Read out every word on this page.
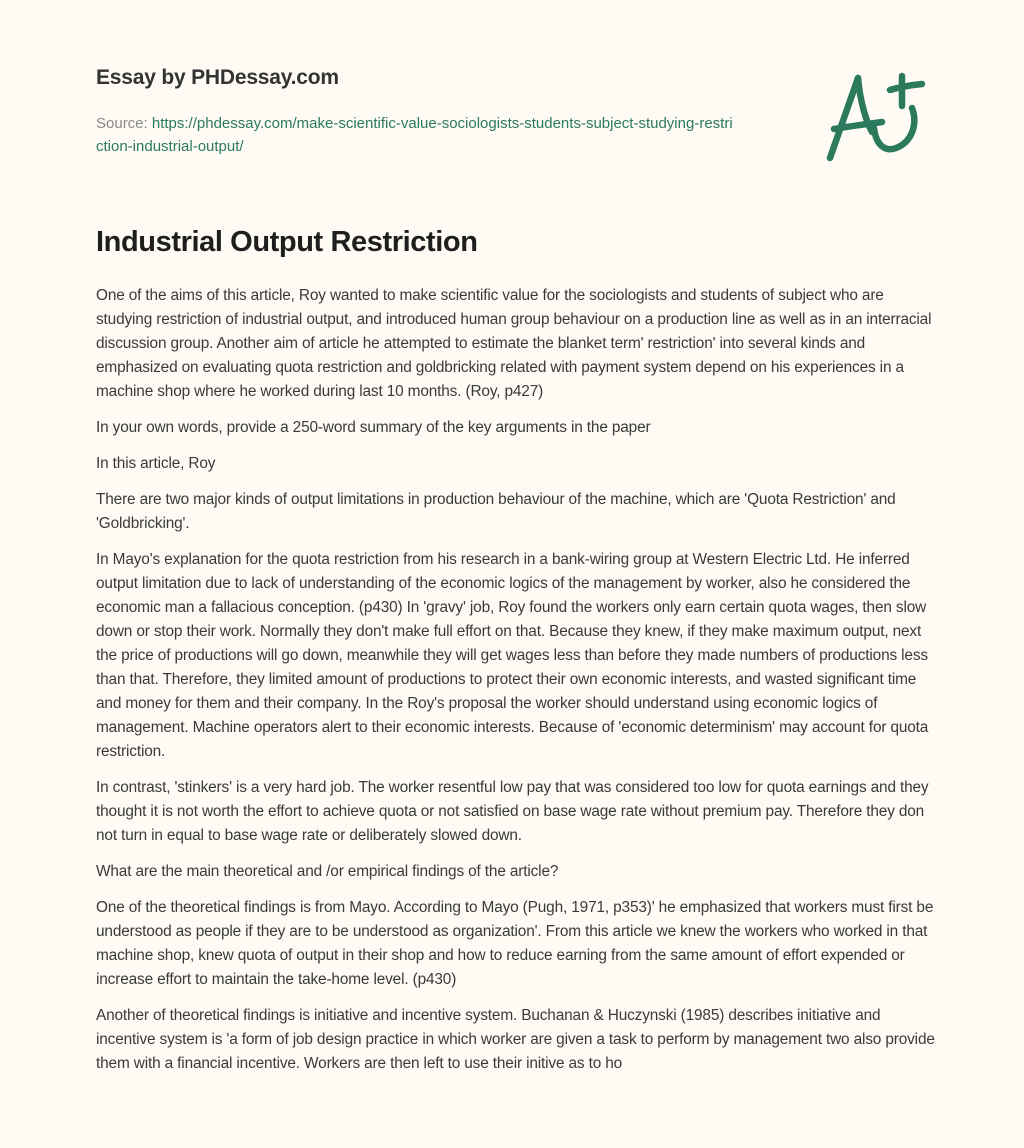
Essay by PHDessay.com
Source: https://phdessay.com/make-scientific-value-sociologists-students-subject-studying-restriction-industrial-output/
Industrial Output Restriction

One of the aims of this article, Roy wanted to make scientific value for the sociologists and students of subject who are studying restriction of industrial output, and introduced human group behaviour on a production line as well as in an interracial discussion group. Another aim of article he attempted to estimate the blanket term' restriction' into several kinds and emphasized on evaluating quota restriction and goldbricking related with payment system depend on his experiences in a machine shop where he worked during last 10 months. (Roy, p427)

In your own words, provide a 250-word summary of the key arguments in the paper

In this article, Roy

There are two major kinds of output limitations in production behaviour of the machine, which are 'Quota Restriction' and 'Goldbricking'.

In Mayo's explanation for the quota restriction from his research in a bank-wiring group at Western Electric Ltd. He inferred output limitation due to lack of understanding of the economic logics of the management by worker, also he considered the economic man a fallacious conception. (p430) In 'gravy' job, Roy found the workers only earn certain quota wages, then slow down or stop their work. Normally they don't make full effort on that. Because they knew, if they make maximum output, next the price of productions will go down, meanwhile they will get wages less than before they made numbers of productions less than that. Therefore, they limited amount of productions to protect their own economic interests, and wasted significant time and money for them and their company. In the Roy's proposal the worker should understand using economic logics of management. Machine operators alert to their economic interests. Because of 'economic determinism' may account for quota restriction.

In contrast, 'stinkers' is a very hard job. The worker resentful low pay that was considered too low for quota earnings and they thought it is not worth the effort to achieve quota or not satisfied on base wage rate without premium pay. Therefore they don not turn in equal to base wage rate or deliberately slowed down.

What are the main theoretical and /or empirical findings of the article?

One of the theoretical findings is from Mayo. According to Mayo (Pugh, 1971, p353)' he emphasized that workers must first be understood as people if they are to be understood as organization'. From this article we knew the workers who worked in that machine shop, knew quota of output in their shop and how to reduce earning from the same amount of effort expended or increase effort to maintain the take-home level. (p430)

Another of theoretical findings is initiative and incentive system. Buchanan & Huczynski (1985) describes initiative and incentive system is 'a form of job design practice in which worker are given a task to perform by management two also provide them with a financial incentive. Workers are then left to use their initive as to ho
